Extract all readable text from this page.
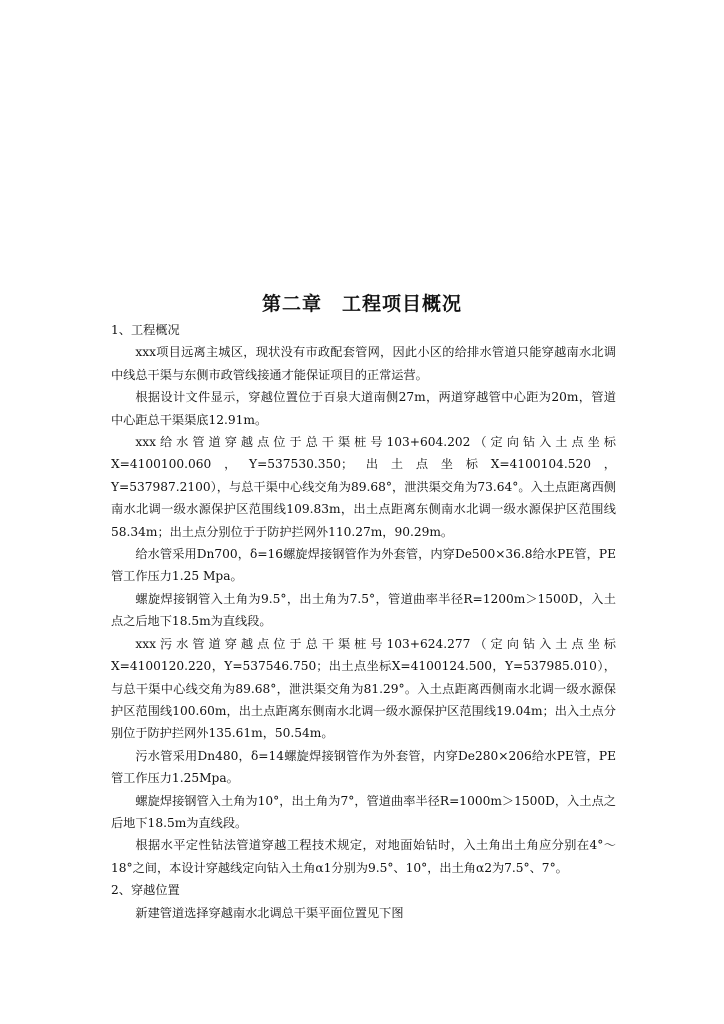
第二章　工程项目概况

1、工程概况

xxx项目远离主城区，现状没有市政配套管网，因此小区的给排水管道只能穿越南水北调中线总干渠与东侧市政管线接通才能保证项目的正常运营。

根据设计文件显示，穿越位置位于百泉大道南侧27m，两道穿越管中心距为20m，管道中心距总干渠渠底12.91m。

xxx给水管道穿越点位于总干渠桩号103+604.202（定向钻入土点坐标X=4100100.060，Y=537530.350；出土点坐标X=4100104.520，Y=537987.2100），与总干渠中心线交角为89.68°，泄洪渠交角为73.64°。入土点距离西侧南水北调一级水源保护区范围线109.83m，出土点距离东侧南水北调一级水源保护区范围线58.34m；出土点分别位于于防护拦网外110.27m，90.29m。

给水管采用Dn700，δ=16螺旋焊接钢管作为外套管，内穿De500×36.8给水PE管，PE管工作压力1.25 Mpa。

螺旋焊接钢管入土角为9.5°，出土角为7.5°，管道曲率半径R=1200m＞1500D，入土点之后地下18.5m为直线段。

xxx污水管道穿越点位于总干渠桩号103+624.277（定向钻入土点坐标X=4100120.220，Y=537546.750；出土点坐标X=4100124.500，Y=537985.010），与总干渠中心线交角为89.68°，泄洪渠交角为81.29°。入土点距离西侧南水北调一级水源保护区范围线100.60m，出土点距离东侧南水北调一级水源保护区范围线19.04m；出入土点分别位于防护拦网外135.61m，50.54m。

污水管采用Dn480，δ=14螺旋焊接钢管作为外套管，内穿De280×206给水PE管，PE管工作压力1.25Mpa。

螺旋焊接钢管入土角为10°，出土角为7°，管道曲率半径R=1000m＞1500D，入土点之后地下18.5m为直线段。

根据水平定性钻法管道穿越工程技术规定，对地面始钻时，入土角出土角应分别在4°～18°之间，本设计穿越线定向钻入土角α1分别为9.5°、10°，出土角α2为7.5°、7°。

2、穿越位置

新建管道选择穿越南水北调总干渠平面位置见下图
